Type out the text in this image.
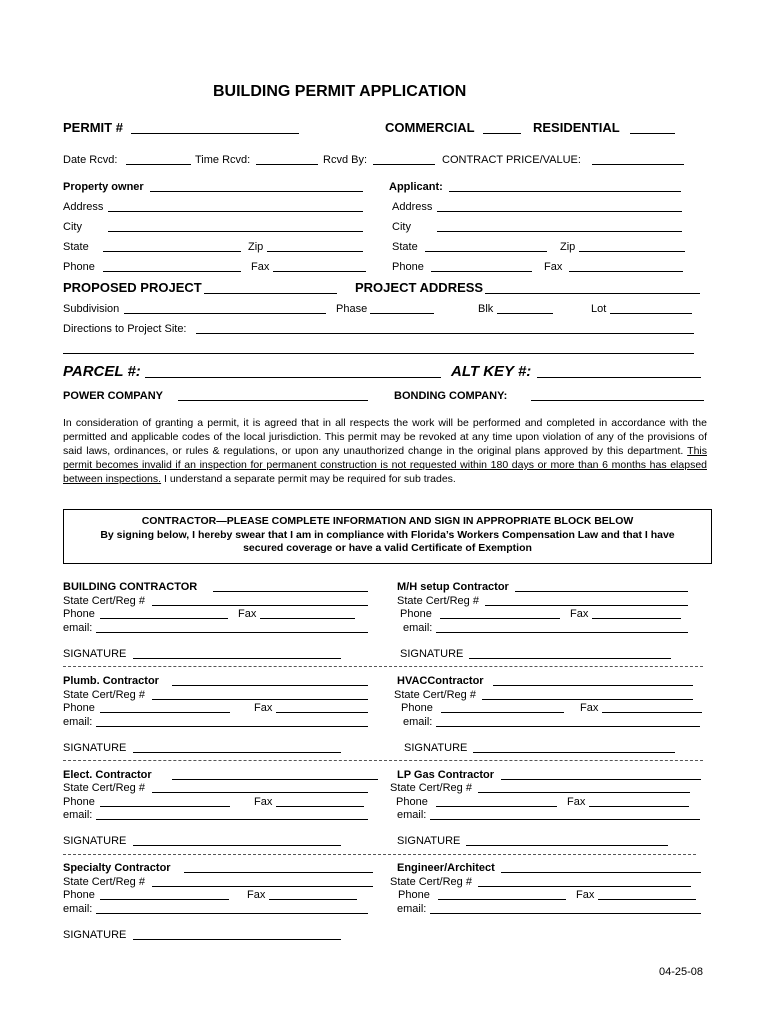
BUILDING PERMIT APPLICATION
PERMIT #	COMMERCIAL	RESIDENTIAL
Date Rcvd:	Time Rcvd:	Rcvd By:	CONTRACT PRICE/VALUE:
Property owner
Address
City
State	Zip
Phone	Fax
Applicant:
Address
City
State	Zip
Phone	Fax
PROPOSED PROJECT	PROJECT ADDRESS
Subdivision	Phase	Blk	Lot
Directions to Project Site:
PARCEL #:	ALT KEY #:
POWER COMPANY	BONDING COMPANY:
In consideration of granting a permit, it is agreed that in all respects the work will be performed and completed in accordance with the permitted and applicable codes of the local jurisdiction. This permit may be revoked at any time upon violation of any of the provisions of said laws, ordinances, or rules & regulations, or upon any unauthorized change in the original plans approved by this department. This permit becomes invalid if an inspection for permanent construction is not requested within 180 days or more than 6 months has elapsed between inspections. I understand a separate permit may be required for sub trades.
CONTRACTOR—PLEASE COMPLETE INFORMATION AND SIGN IN APPROPRIATE BLOCK BELOW
By signing below, I hereby swear that I am in compliance with Florida’s Workers Compensation Law and that I have
secured coverage or have a valid Certificate of Exemption
BUILDING CONTRACTOR
State Cert/Reg #
Phone	Fax
email:
SIGNATURE
M/H setup Contractor
State Cert/Reg #
Phone	Fax
email:
SIGNATURE
Plumb. Contractor
State Cert/Reg #
Phone	Fax
email:
SIGNATURE
HVACContractor
State Cert/Reg #
Phone	Fax
email:
SIGNATURE
Elect. Contractor
State Cert/Reg #
Phone	Fax
email:
SIGNATURE
LP Gas Contractor
State Cert/Reg #
Phone	Fax
email:
SIGNATURE
Specialty Contractor
State Cert/Reg #
Phone	Fax
email:
SIGNATURE
Engineer/Architect
State Cert/Reg #
Phone	Fax
email:
04-25-08
